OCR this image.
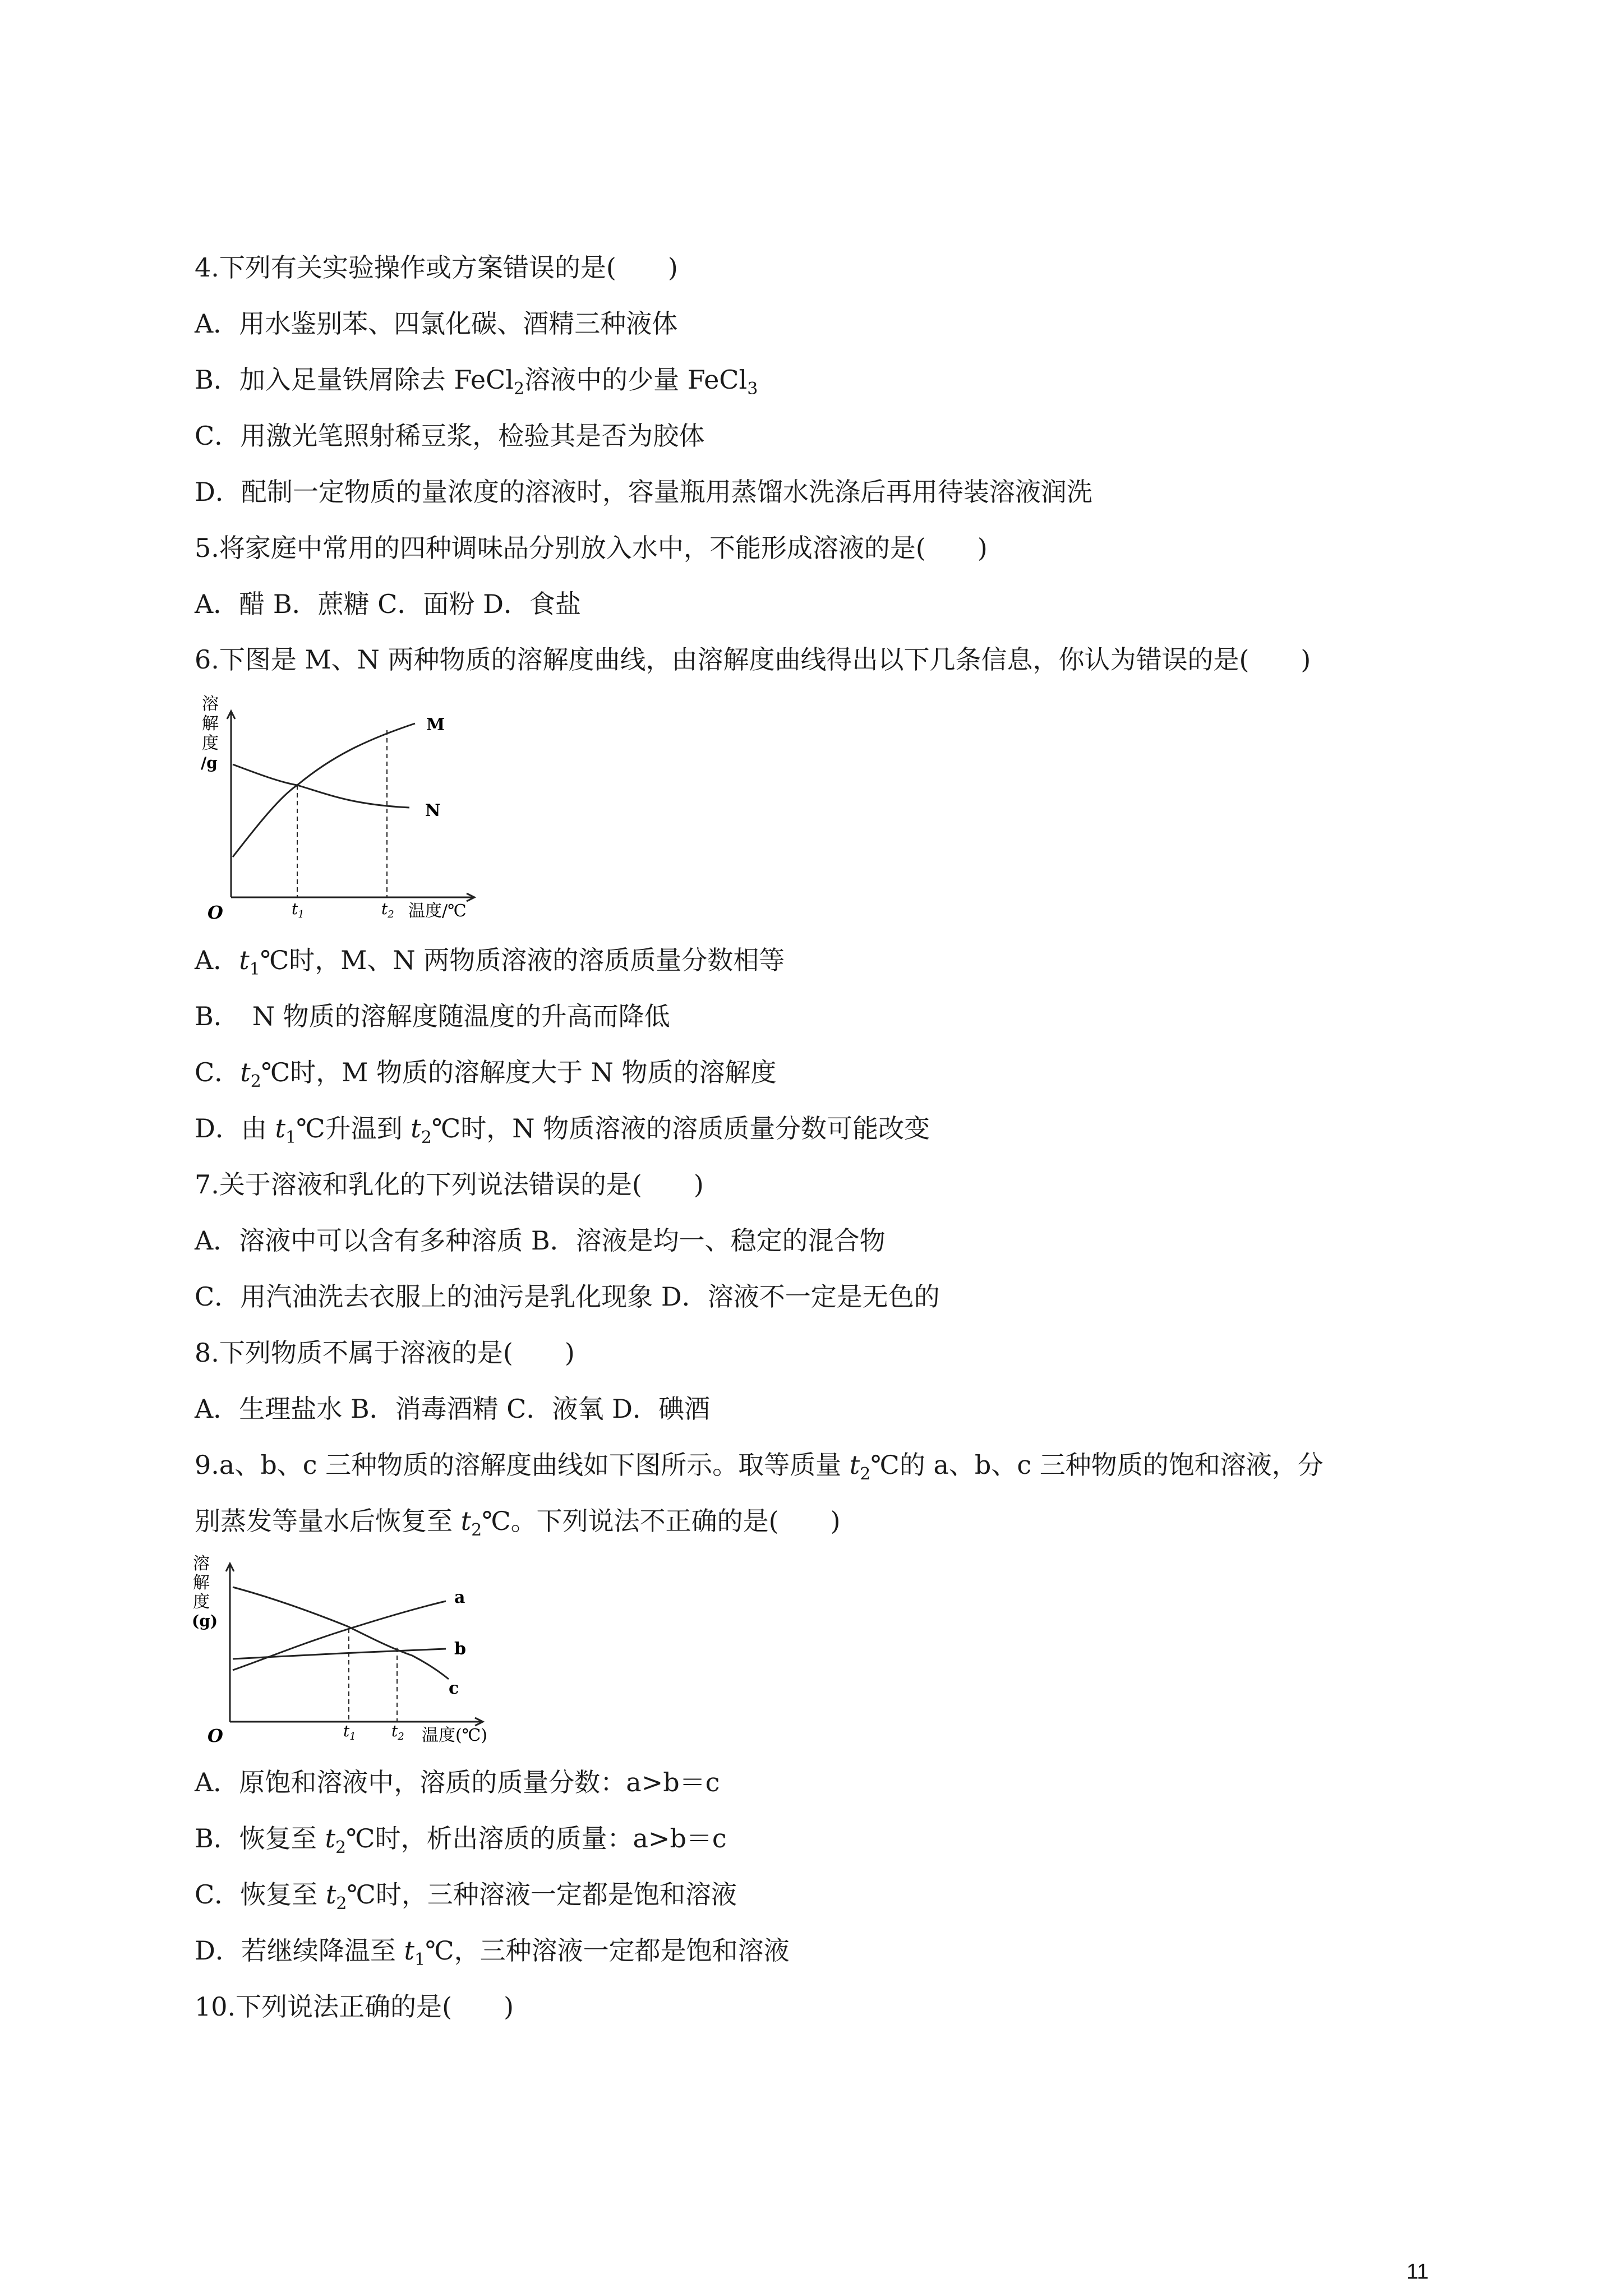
4.下列有关实验操作或方案错误的是(　　)
A．用水鉴别苯、四氯化碳、酒精三种液体
B．加入足量铁屑除去 FeCl$_2$溶液中的少量 FeCl$_3$
C．用激光笔照射稀豆浆，检验其是否为胶体
D．配制一定物质的量浓度的溶液时，容量瓶用蒸馏水洗涤后再用待装溶液润洗
5.将家庭中常用的四种调味品分别放入水中，不能形成溶液的是(　　)
A．醋 B．蔗糖 C．面粉 D．食盐
6.下图是 M、N 两种物质的溶解度曲线，由溶解度曲线得出以下几条信息，你认为错误的是(　　)
溶
解
度
/g
O	$t_1$	$t_2$ 温度/℃
M
N
A．$t_1℃$时，M、N 两物质溶液的溶质质量分数相等
B．　N 物质的溶解度随温度的升高而降低
C．$t_2℃$时，M 物质的溶解度大于 N 物质的溶解度
D．由 $t_1℃$升温到 $t_2℃$时，N 物质溶液的溶质质量分数可能改变
7.关于溶液和乳化的下列说法错误的是(　　)
A．溶液中可以含有多种溶质 B．溶液是均一、稳定的混合物
C．用汽油洗去衣服上的油污是乳化现象 D．溶液不一定是无色的
8.下列物质不属于溶液的是(　　)
A．生理盐水 B．消毒酒精 C．液氧 D．碘酒
9.a、b、c 三种物质的溶解度曲线如下图所示。取等质量 $t_2℃$的 a、b、c 三种物质的饱和溶液，分
别蒸发等量水后恢复至 $t_2℃$。下列说法不正确的是(　　)
溶
解
度
(g)
O	$t_1$ $t_2$ 温度(℃)
a
b
c
A．原饱和溶液中，溶质的质量分数：a>b＝c
B．恢复至 $t_2℃$时，析出溶质的质量：a>b＝c
C．恢复至 $t_2℃$时，三种溶液一定都是饱和溶液
D．若继续降温至 $t_1℃$，三种溶液一定都是饱和溶液
10.下列说法正确的是(　　)
11
